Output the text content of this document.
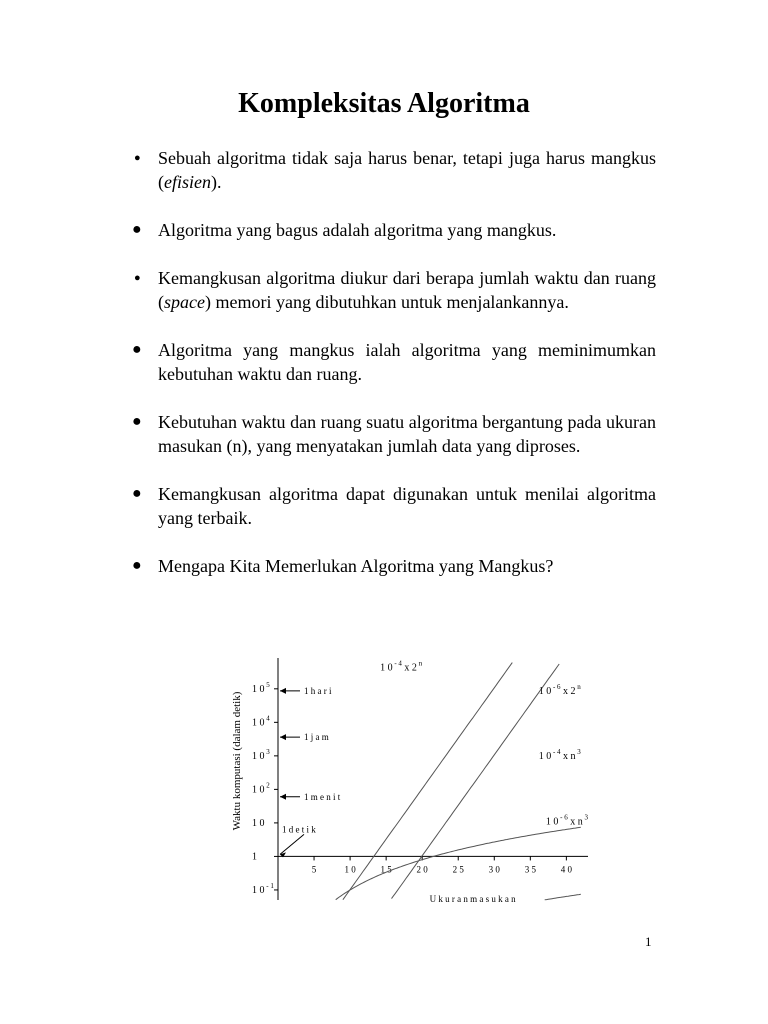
Kompleksitas Algoritma
● Sebuah algoritma tidak saja harus benar, tetapi juga harus mangkus (efisien).
● Algoritma yang bagus adalah algoritma yang mangkus.
● Kemangkusan algoritma diukur dari berapa jumlah waktu dan ruang (space) memori yang dibutuhkan untuk menjalankannya.
● Algoritma yang mangkus ialah algoritma yang meminimumkan kebutuhan waktu dan ruang.
● Kebutuhan waktu dan ruang suatu algoritma bergantung pada ukuran masukan (n), yang menyatakan jumlah data yang diproses.
● Kemangkusan algoritma dapat digunakan untuk menilai algoritma yang terbaik.
● Mengapa Kita Memerlukan Algoritma yang Mangkus?
Waktu komputasi (dalam detik)
1 0 $^{- 1}$
1
1 0
1 0 $^2$
1 0 $^3$
1 0 $^4$
1 0 $^5$
5	1 0	1 5	2 0	2 5	3 0	3 5	4 0
U k u r a n m a s u k a n
1 h a r i
1 j a m
1 m e n i t
1 d e t i k
1 0 $^{- 4}$ x 2 $^n$
1 0 $^{- 6}$ x 2 $^n$
1 0 $^{- 4}$ x n $^3$
1 0 $^{- 6}$ x n $^3$
1
